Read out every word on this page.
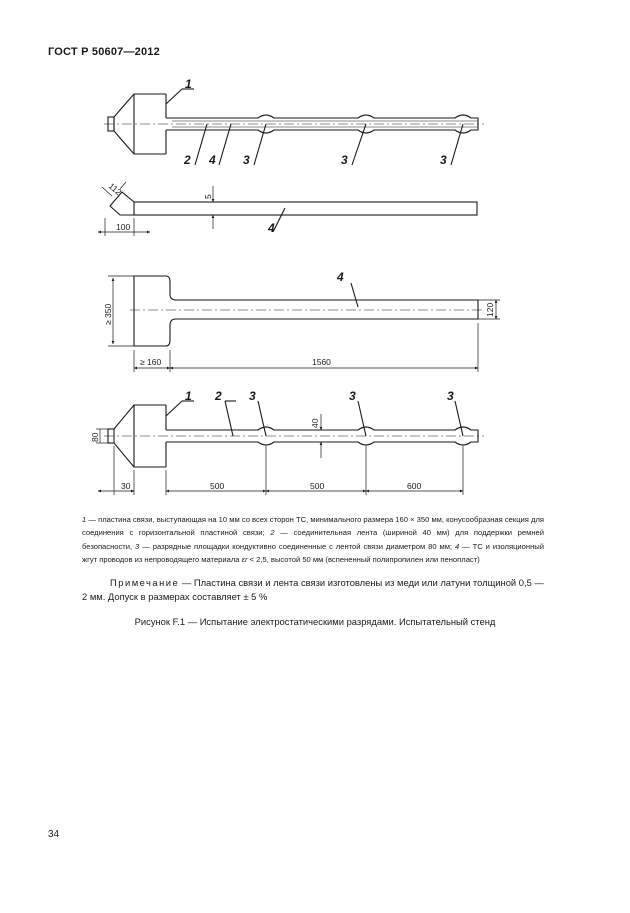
ГОСТ Р 50607—2012
1
2 4 3	3	3
4
4
1 2 3	3	3
112
100
5
≥ 350
≥ 160	1560
120
40
80
30	500	500	600
1 — пластина связи, выступающая на 10 мм со всех сторон ТС, минимального размера 160 × 350 мм, конусообразная секция для соединения с горизонтальной пластиной связи; 2 — соединительная лента (шириной 40 мм) для поддержки ремней безопасности, 3 — разрядные площадки кондуктивно соединенные с лентой связи диаметром 80 мм; 4 — ТС и изоляционный жгут проводов из непроводящего материала εr < 2,5, высотой 50 мм (вспененный полипропилен или пенопласт)
Примечание — Пластина связи и лента связи изготовлены из меди или латуни толщиной 0,5 — 2 мм. Допуск в размерах составляет ± 5 %
Рисунок F.1 — Испытание электростатическими разрядами. Испытательный стенд
34
